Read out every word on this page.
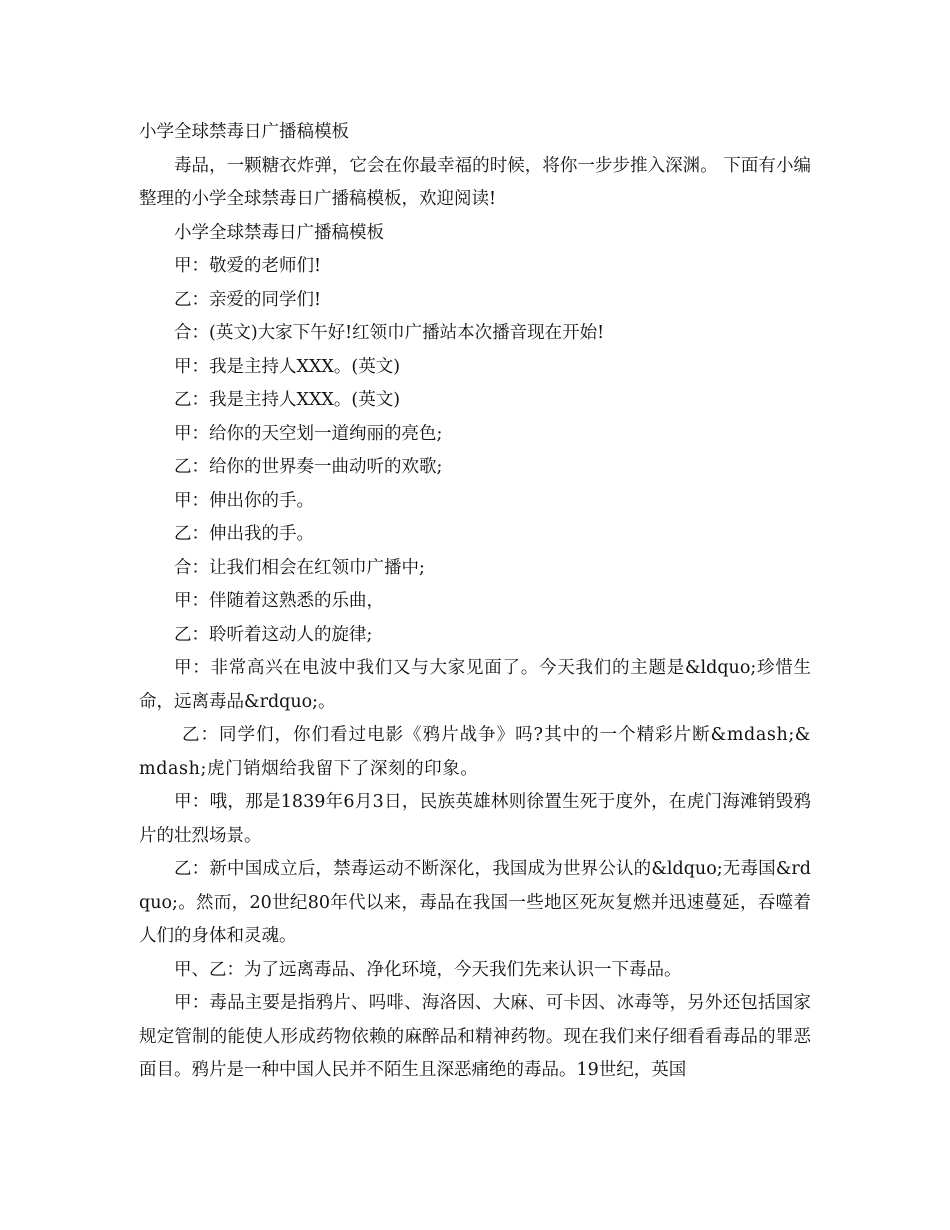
小学全球禁毒日广播稿模板

毒品，一颗糖衣炸弹，它会在你最幸福的时候，将你一步步推入深渊。 下面有小编整理的小学全球禁毒日广播稿模板，欢迎阅读!

小学全球禁毒日广播稿模板

甲：敬爱的老师们!

乙：亲爱的同学们!

合：(英文)大家下午好!红领巾广播站本次播音现在开始!

甲：我是主持人XXX。(英文)

乙：我是主持人XXX。(英文)

甲：给你的天空划一道绚丽的亮色;

乙：给你的世界奏一曲动听的欢歌;

甲：伸出你的手。

乙：伸出我的手。

合：让我们相会在红领巾广播中;

甲：伴随着这熟悉的乐曲，

乙：聆听着这动人的旋律;

甲：非常高兴在电波中我们又与大家见面了。今天我们的主题是&ldquo;珍惜生命，远离毒品&rdquo;。

乙：同学们，你们看过电影《鸦片战争》吗?其中的一个精彩片断&mdash;&mdash;虎门销烟给我留下了深刻的印象。

甲：哦，那是1839年6月3日，民族英雄林则徐置生死于度外，在虎门海滩销毁鸦片的壮烈场景。

乙：新中国成立后，禁毒运动不断深化，我国成为世界公认的&ldquo;无毒国&rdquo;。然而，20世纪80年代以来，毒品在我国一些地区死灰复燃并迅速蔓延，吞噬着人们的身体和灵魂。

甲、乙：为了远离毒品、净化环境，今天我们先来认识一下毒品。

甲：毒品主要是指鸦片、吗啡、海洛因、大麻、可卡因、冰毒等，另外还包括国家规定管制的能使人形成药物依赖的麻醉品和精神药物。现在我们来仔细看看毒品的罪恶面目。鸦片是一种中国人民并不陌生且深恶痛绝的毒品。19世纪，英国
